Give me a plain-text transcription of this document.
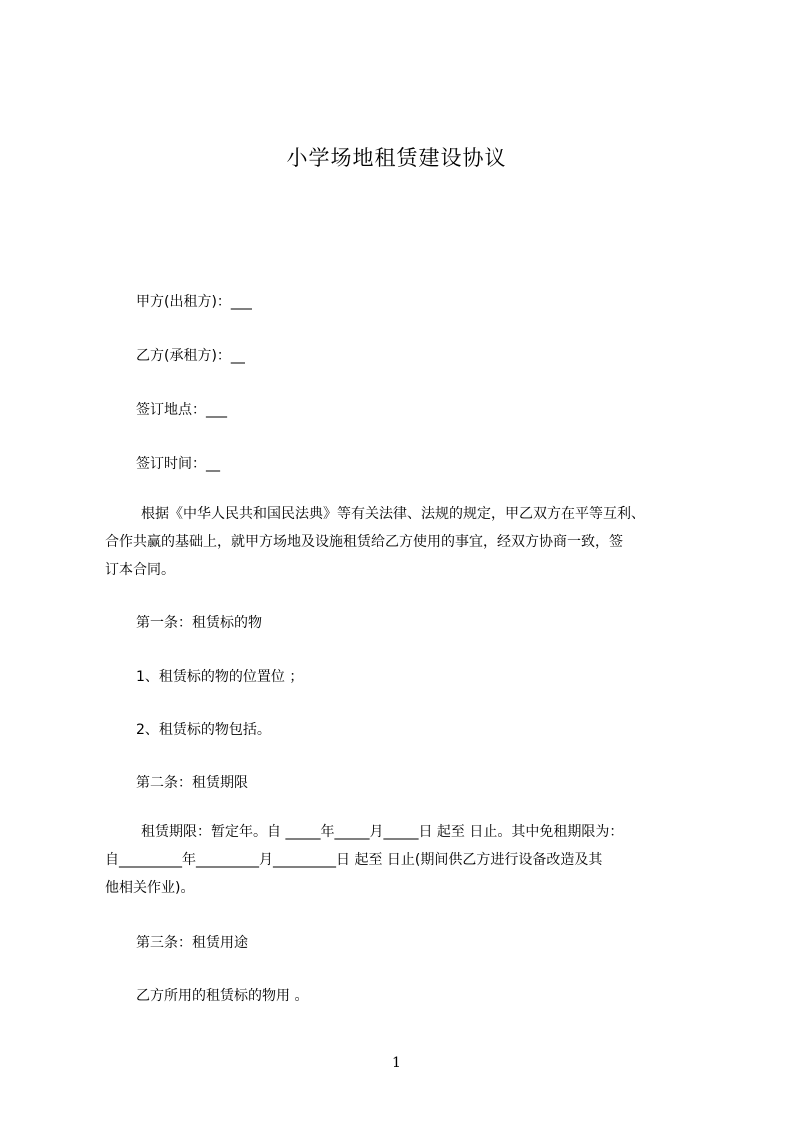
小学场地租赁建设协议
甲方(出租方)：___
乙方(承租方)：__
签订地点：___
签订时间：__
根据《中华人民共和国民法典》等有关法律、法规的规定，甲乙双方在平等互利、
合作共赢的基础上，就甲方场地及设施租赁给乙方使用的事宜，经双方协商一致，签
订本合同。
第一条：租赁标的物
1、租赁标的物的位置位 ；
2、租赁标的物包括。
第二条：租赁期限
租赁期限：暂定年。自 _____年_____月_____日 起至 日止。其中免租期限为：
自_________年_________月_________日 起至 日止(期间供乙方进行设备改造及其
他相关作业)。
第三条：租赁用途
乙方所用的租赁标的物用 。
1
